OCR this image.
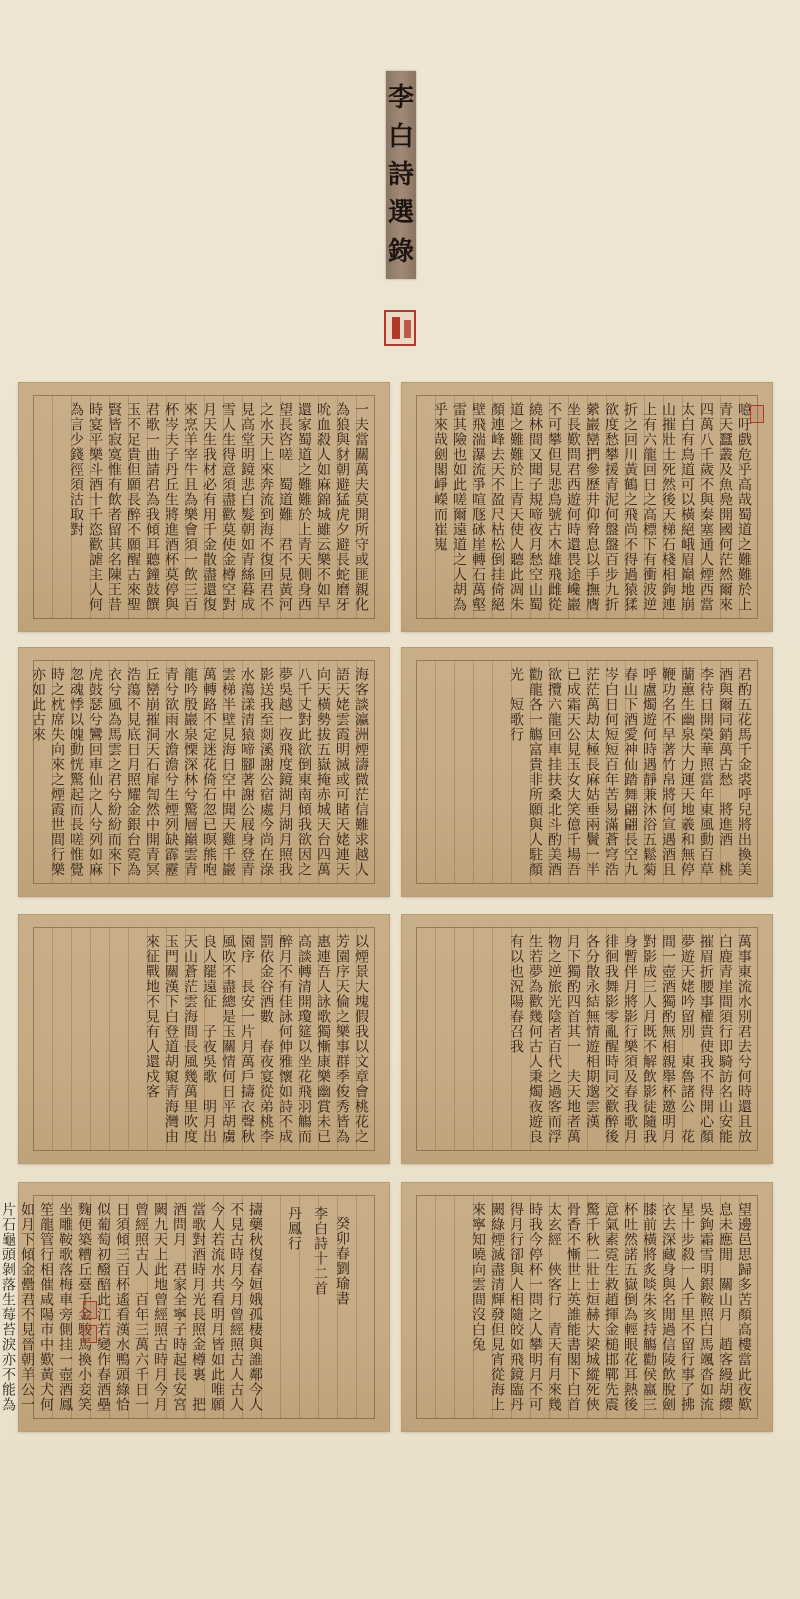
李
白
詩
選
錄
噫吁戲危乎高哉蜀道之難難於上青天蠶叢及魚鳧開國何茫然爾來四萬八千歲不與秦塞通人煙西當太白有鳥道可以橫絕峨眉巔地崩山摧壯士死然後天梯石棧相鉤連上有六龍回日之高標下有衝波逆折之回川黃鶴之飛尚不得過猿猱欲度愁攀援青泥何盤盤百步九折縈巖巒捫參歷井仰脅息以手撫膺坐長歎問君西遊何時還畏途巉巖不可攀但見悲鳥號古木雄飛雌從繞林間又聞子規啼夜月愁空山蜀道之難難於上青天使人聽此凋朱顏連峰去天不盈尺枯松倒挂倚絕壁飛湍瀑流爭喧豗砯崖轉石萬壑雷其險也如此嗟爾遠道之人胡為乎來哉劍閣崢嶸而崔嵬
一夫當關萬夫莫開所守或匪親化為狼與豺朝避猛虎夕避長蛇磨牙吮血殺人如麻錦城雖云樂不如早還家蜀道之難難於上青天側身西望長咨嗟　蜀道難　君不見黃河之水天上來奔流到海不復回君不見高堂明鏡悲白髮朝如青絲暮成雪人生得意須盡歡莫使金樽空對月天生我材必有用千金散盡還復來烹羊宰牛且為樂會須一飲三百杯岑夫子丹丘生將進酒杯莫停與君歌一曲請君為我傾耳聽鐘鼓饌玉不足貴但願長醉不願醒古來聖賢皆寂寞惟有飲者留其名陳王昔時宴平樂斗酒十千恣歡謔主人何為言少錢徑須沽取對
君酌五花馬千金裘呼兒將出換美酒與爾同銷萬古愁　將進酒　桃李待日開榮華照當年東風動百草蘭蕙生幽泉大力運天地羲和無停鞭功名不早著竹帛將何宣遇酒且呼盧燭遊何時遇靜兼沐浴五鬆菊春山下酒愛神仙踏舞翩翩長空九岑白日何短短百年苦易滿蒼穹浩茫茫萬劫太極長麻姑垂兩鬢一半已成霜天公見玉女大笑億千場吾欲攬六龍回車挂扶桑北斗酌美酒勸龍各一觴富貴非所願與人駐顏光　短歌行
海客談瀛洲煙濤微茫信難求越人語天姥雲霞明滅或可睹天姥連天向天橫勢拔五嶽掩赤城天台四萬八千丈對此欲倒東南傾我欲因之夢吳越一夜飛度鏡湖月湖月照我影送我至剡溪謝公宿處今尚在淥水蕩漾清猿啼腳著謝公屐身登青雲梯半壁見海日空中聞天雞千巖萬轉路不定迷花倚石忽已暝熊咆龍吟殷巖泉慄深林兮驚層巔雲青青兮欲雨水澹澹兮生煙列缺霹靂丘巒崩摧洞天石扉訇然中開青冥浩蕩不見底日月照耀金銀台霓為衣兮風為馬雲之君兮紛紛而來下虎鼓瑟兮鸞回車仙之人兮列如麻忽魂悸以魄動恍驚起而長嗟惟覺時之枕席失向來之煙霞世間行樂亦如此古來
萬事東流水別君去兮何時還且放白鹿青崖間須行即騎訪名山安能摧眉折腰事權貴使我不得開心顏　夢遊天姥吟留別　東魯諸公　花間一壺酒獨酌無相親舉杯邀明月對影成三人月既不解飲影徒隨我身暫伴月將影行樂須及春我歌月徘徊我舞影零亂醒時同交歡醉後各分散永結無情遊相期邈雲漢　月下獨酌四首其一　夫天地者萬物之逆旅光陰者百代之過客而浮生若夢為歡幾何古人秉燭夜遊良有以也況陽春召我
以煙景大塊假我以文章會桃花之芳園序天倫之樂事群季俊秀皆為惠連吾人詠歌獨慚康樂幽賞未已高談轉清開瓊筵以坐花飛羽觴而醉月不有佳詠何伸雅懷如詩不成罰依金谷酒數　春夜宴從弟桃李園序　長安一片月萬戶擣衣聲秋風吹不盡總是玉關情何日平胡虜良人罷遠征　子夜吳歌　明月出天山蒼茫雲海間長風幾萬里吹度玉門關漢下白登道胡窺青海灣由來征戰地不見有人還戍客
望邊邑思歸多苦顏高樓當此夜歎息未應閒　關山月　趙客縵胡纓吳鉤霜雪明銀鞍照白馬颯沓如流星十步殺一人千里不留行事了拂衣去深藏身與名閒過信陵飲脫劍膝前橫將炙啖朱亥持觴勸侯嬴三杯吐然諾五嶽倒為輕眼花耳熱後意氣素霓生救趙揮金槌邯鄲先震驚千秋二壯士烜赫大梁城縱死俠骨香不慚世上英誰能書閣下白首太玄經　俠客行　青天有月來幾時我今停杯一問之人攀明月不可得月行卻與人相隨皎如飛鏡臨丹闕綠煙滅盡清輝發但見宵從海上來寧知曉向雲間沒白兔
擣藥秋復春姮娥孤棲與誰鄰今人不見古時月今月曾經照古人古人今人若流水共看明月皆如此唯願當歌對酒時月光長照金樽裏　把酒問月　君家全寧子時起長安宮闕九天上此地曾經照古時月今月曾經照古人　百年三萬六千日一日須傾三百杯遙看漢水鴨頭綠恰似葡萄初醱醅此江若變作春酒壘麴便築糟丘臺千金駿馬換小妾笑坐雕鞍歌落梅車旁側挂一壺酒鳳笙龍管行相催咸陽市中歎黃犬何如月下傾金罍君不見晉朝羊公一片石龜頭剝落生莓苔淚亦不能為
丹鳳行 李白詩十二首 癸卯春劉瑜書
